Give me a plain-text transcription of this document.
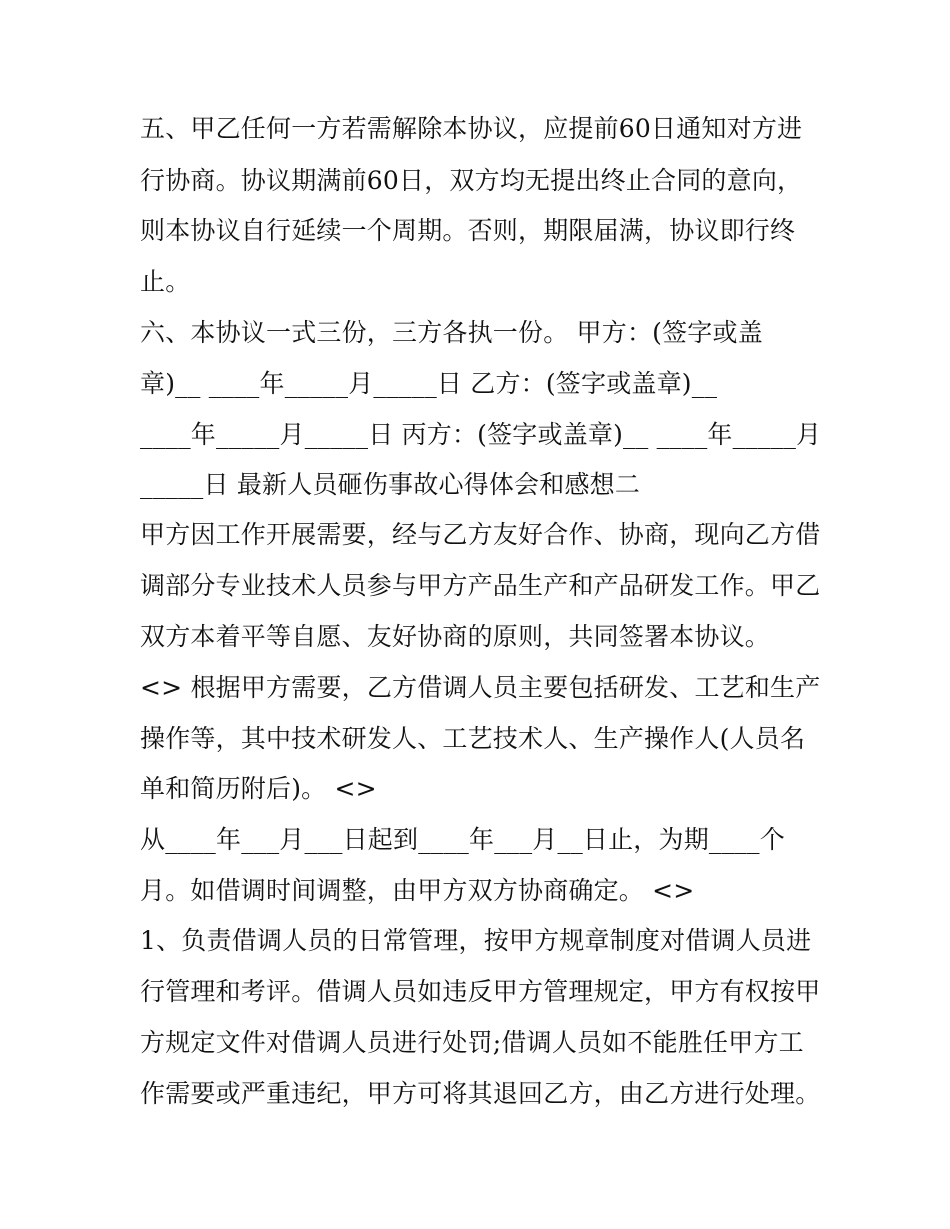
五、甲乙任何一方若需解除本协议，应提前60日通知对方进
行协商。协议期满前60日，双方均无提出终止合同的意向，
则本协议自行延续一个周期。否则，期限届满，协议即行终
止。
六、本协议一式三份，三方各执一份。 甲方：(签字或盖
章)__ ____年_____月_____日 乙方：(签字或盖章)__
____年_____月_____日 丙方：(签字或盖章)__ ____年_____月
_____日 最新人员砸伤事故心得体会和感想二
甲方因工作开展需要，经与乙方友好合作、协商，现向乙方借
调部分专业技术人员参与甲方产品生产和产品研发工作。甲乙
双方本着平等自愿、友好协商的原则，共同签署本协议。
<> 根据甲方需要，乙方借调人员主要包括研发、工艺和生产
操作等，其中技术研发人、工艺技术人、生产操作人(人员名
单和简历附后)。 <>
从____年___月___日起到____年___月__日止，为期____个
月。如借调时间调整，由甲方双方协商确定。 <>
1、负责借调人员的日常管理，按甲方规章制度对借调人员进
行管理和考评。借调人员如违反甲方管理规定，甲方有权按甲
方规定文件对借调人员进行处罚;借调人员如不能胜任甲方工
作需要或严重违纪，甲方可将其退回乙方，由乙方进行处理。
